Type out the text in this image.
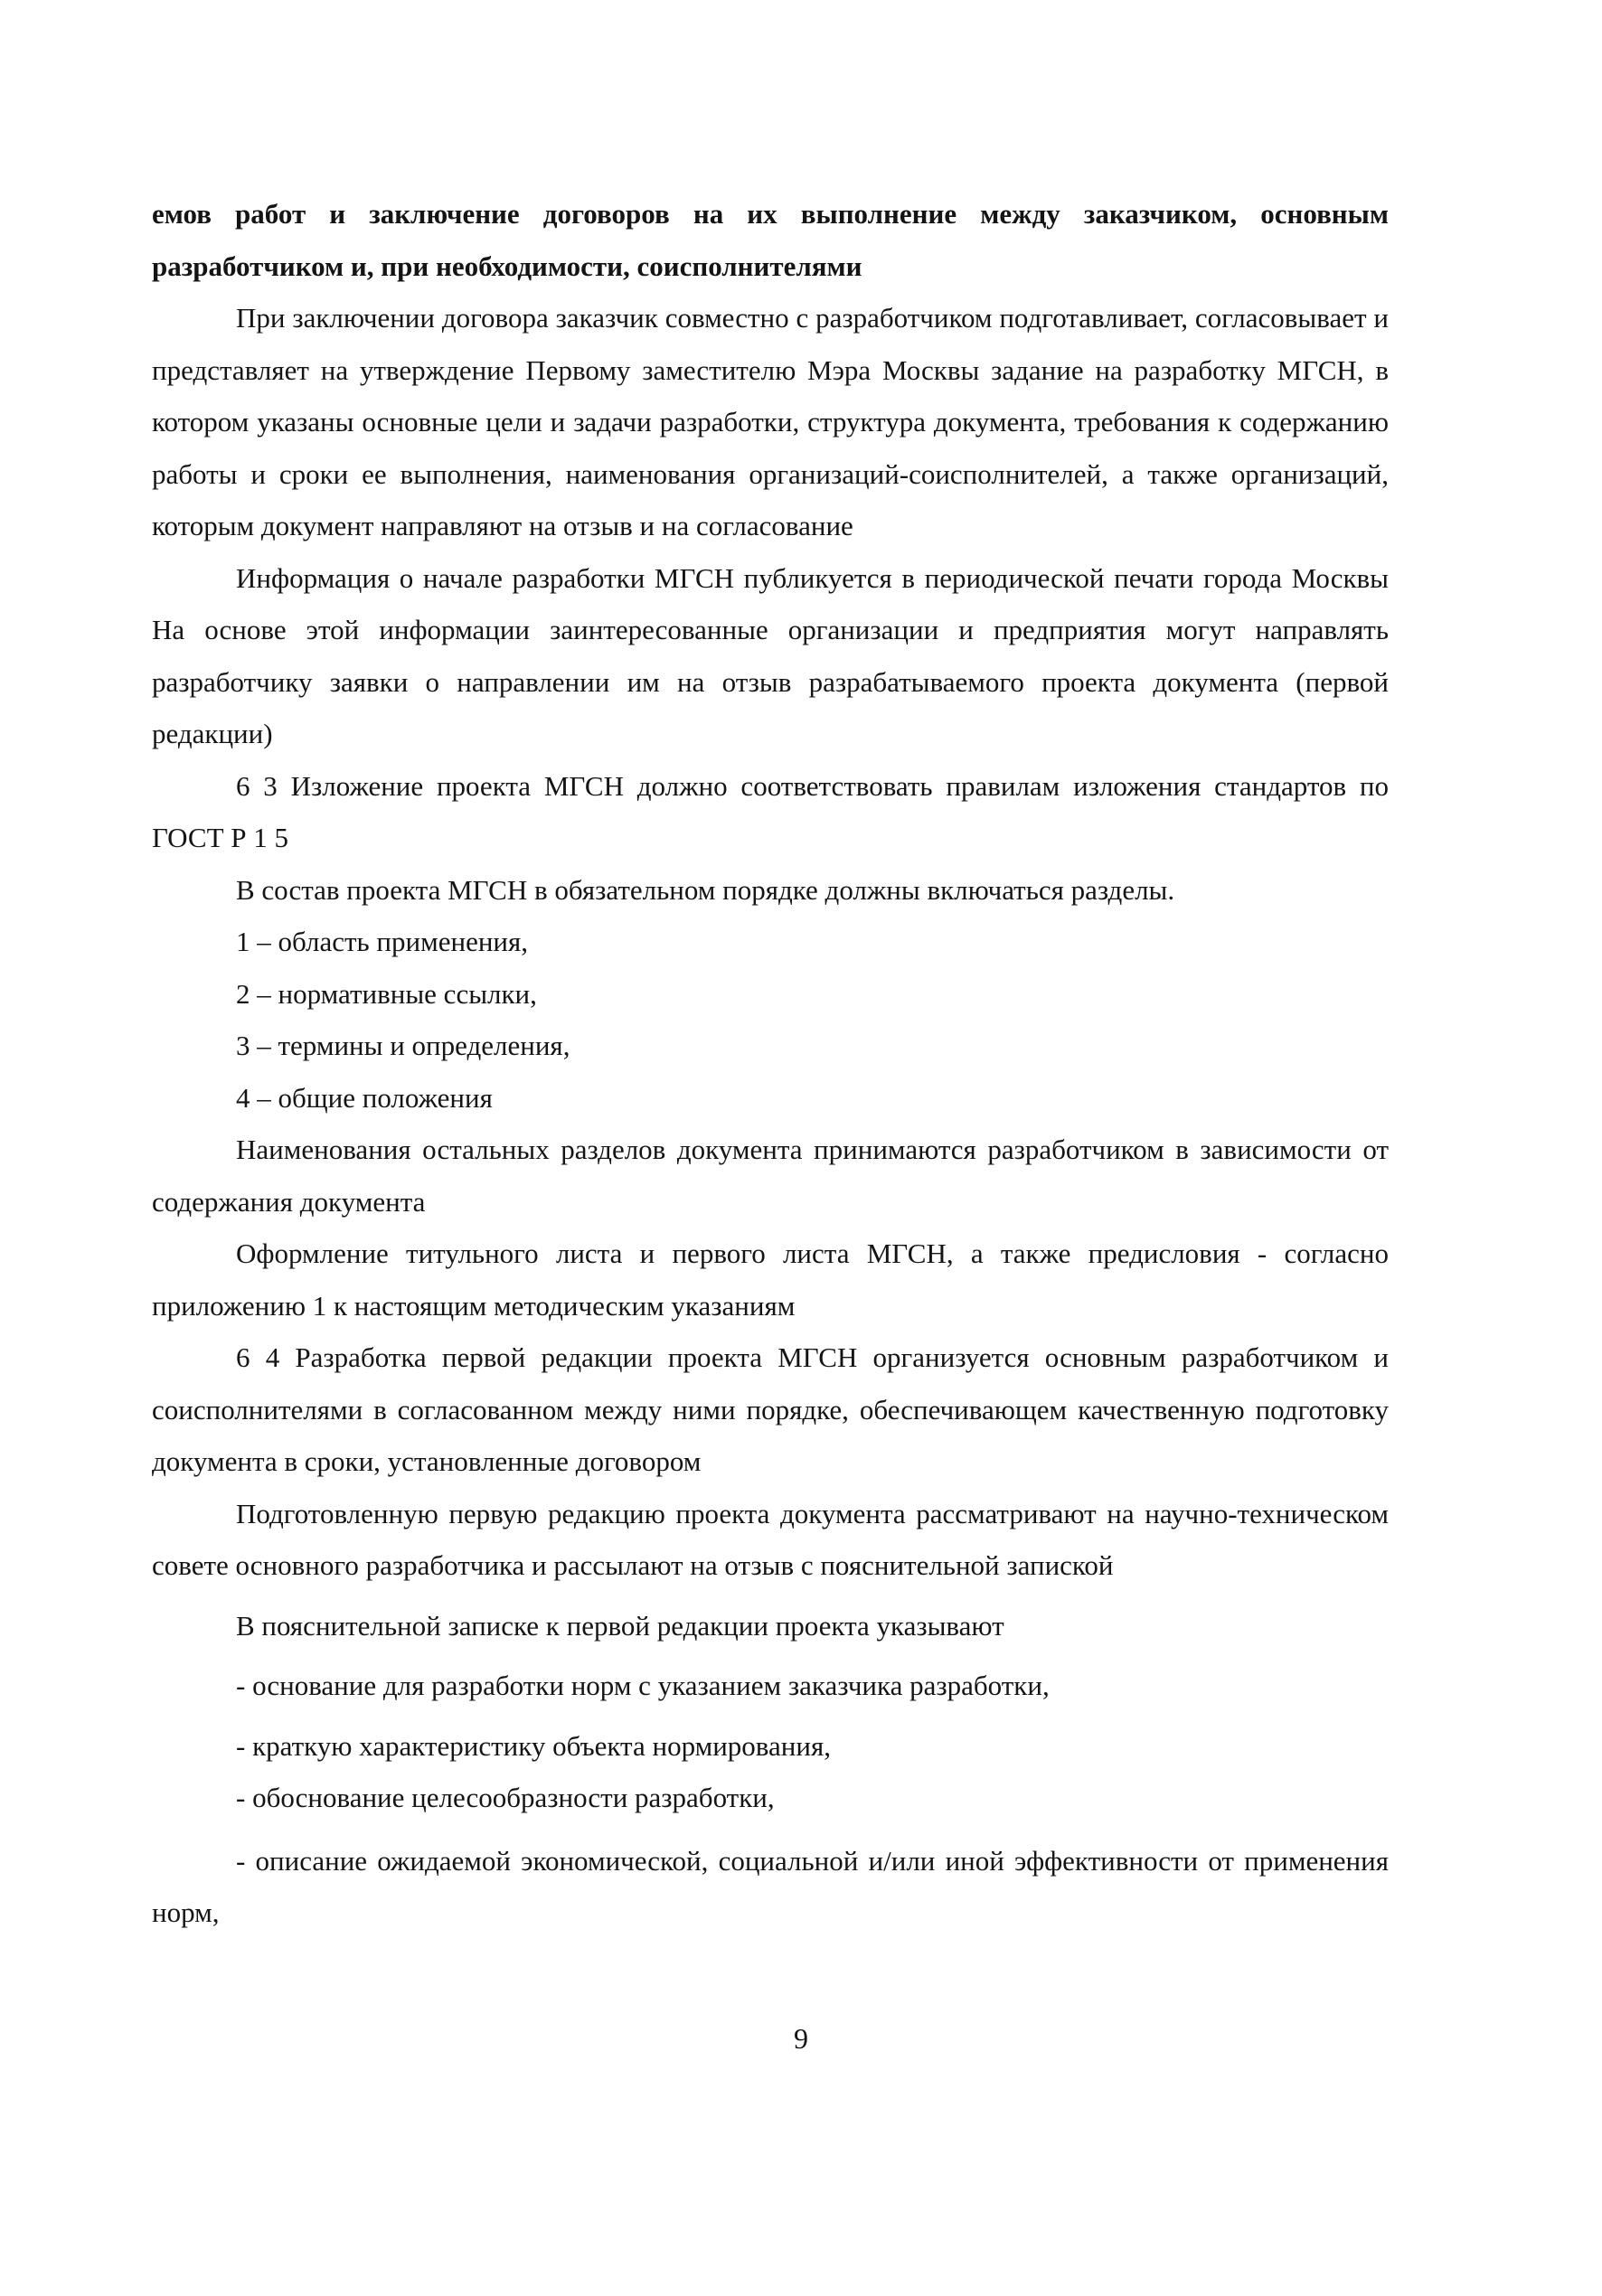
емов работ и заключение договоров на их выполнение между заказчиком, основным разработчиком и, при необходимости, соисполнителями

При заключении договора заказчик совместно с разработчиком подготавливает, согласовывает и представляет на утверждение Первому заместителю Мэра Москвы задание на разработку МГСН, в котором указаны основные цели и задачи разработки, структура документа, требования к содержанию работы и сроки ее выполнения, наименования организаций-соисполнителей, а также организаций, которым документ направляют на отзыв и на согласование

Информация о начале разработки МГСН публикуется в периодической печати города Москвы На основе этой информации заинтересованные организации и предприятия могут направлять разработчику заявки о направлении им на отзыв разрабатываемого проекта документа (первой редакции)

6 3 Изложение проекта МГСН должно соответствовать правилам изложения стандартов по ГОСТ Р 1 5

В состав проекта МГСН в обязательном порядке должны включаться разделы.

1 – область применения,

2 – нормативные ссылки,

3 – термины и определения,

4 – общие положения

Наименования остальных разделов документа принимаются разработчиком в зависимости от содержания документа

Оформление титульного листа и первого листа МГСН, а также предисловия - согласно приложению 1 к настоящим методическим указаниям

6 4 Разработка первой редакции проекта МГСН организуется основным разработчиком и соисполнителями в согласованном между ними порядке, обеспечивающем качественную подготовку документа в сроки, установленные договором

Подготовленную первую редакцию проекта документа рассматривают на научно-техническом совете основного разработчика и рассылают на отзыв с пояснительной запиской

В пояснительной записке к первой редакции проекта указывают

- основание для разработки норм с указанием заказчика разработки,

- краткую характеристику объекта нормирования,

- обоснование целесообразности разработки,

- описание ожидаемой экономической, социальной и/или иной эффективности от применения норм,

9
